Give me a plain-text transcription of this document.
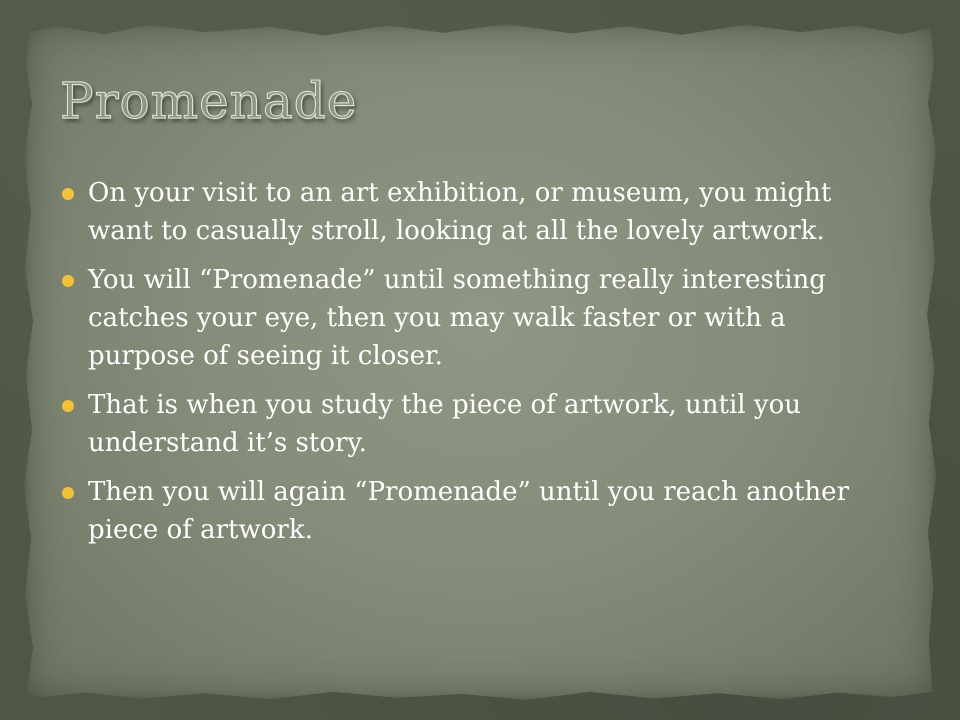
Promenade
On your visit to an art exhibition, or museum, you might want to casually stroll, looking at all the lovely artwork.
You will “Promenade” until something really interesting catches your eye, then you may walk faster or with a purpose of seeing it closer.
That is when you study the piece of artwork, until you understand it’s story.
Then you will again “Promenade” until you reach another piece of artwork.
